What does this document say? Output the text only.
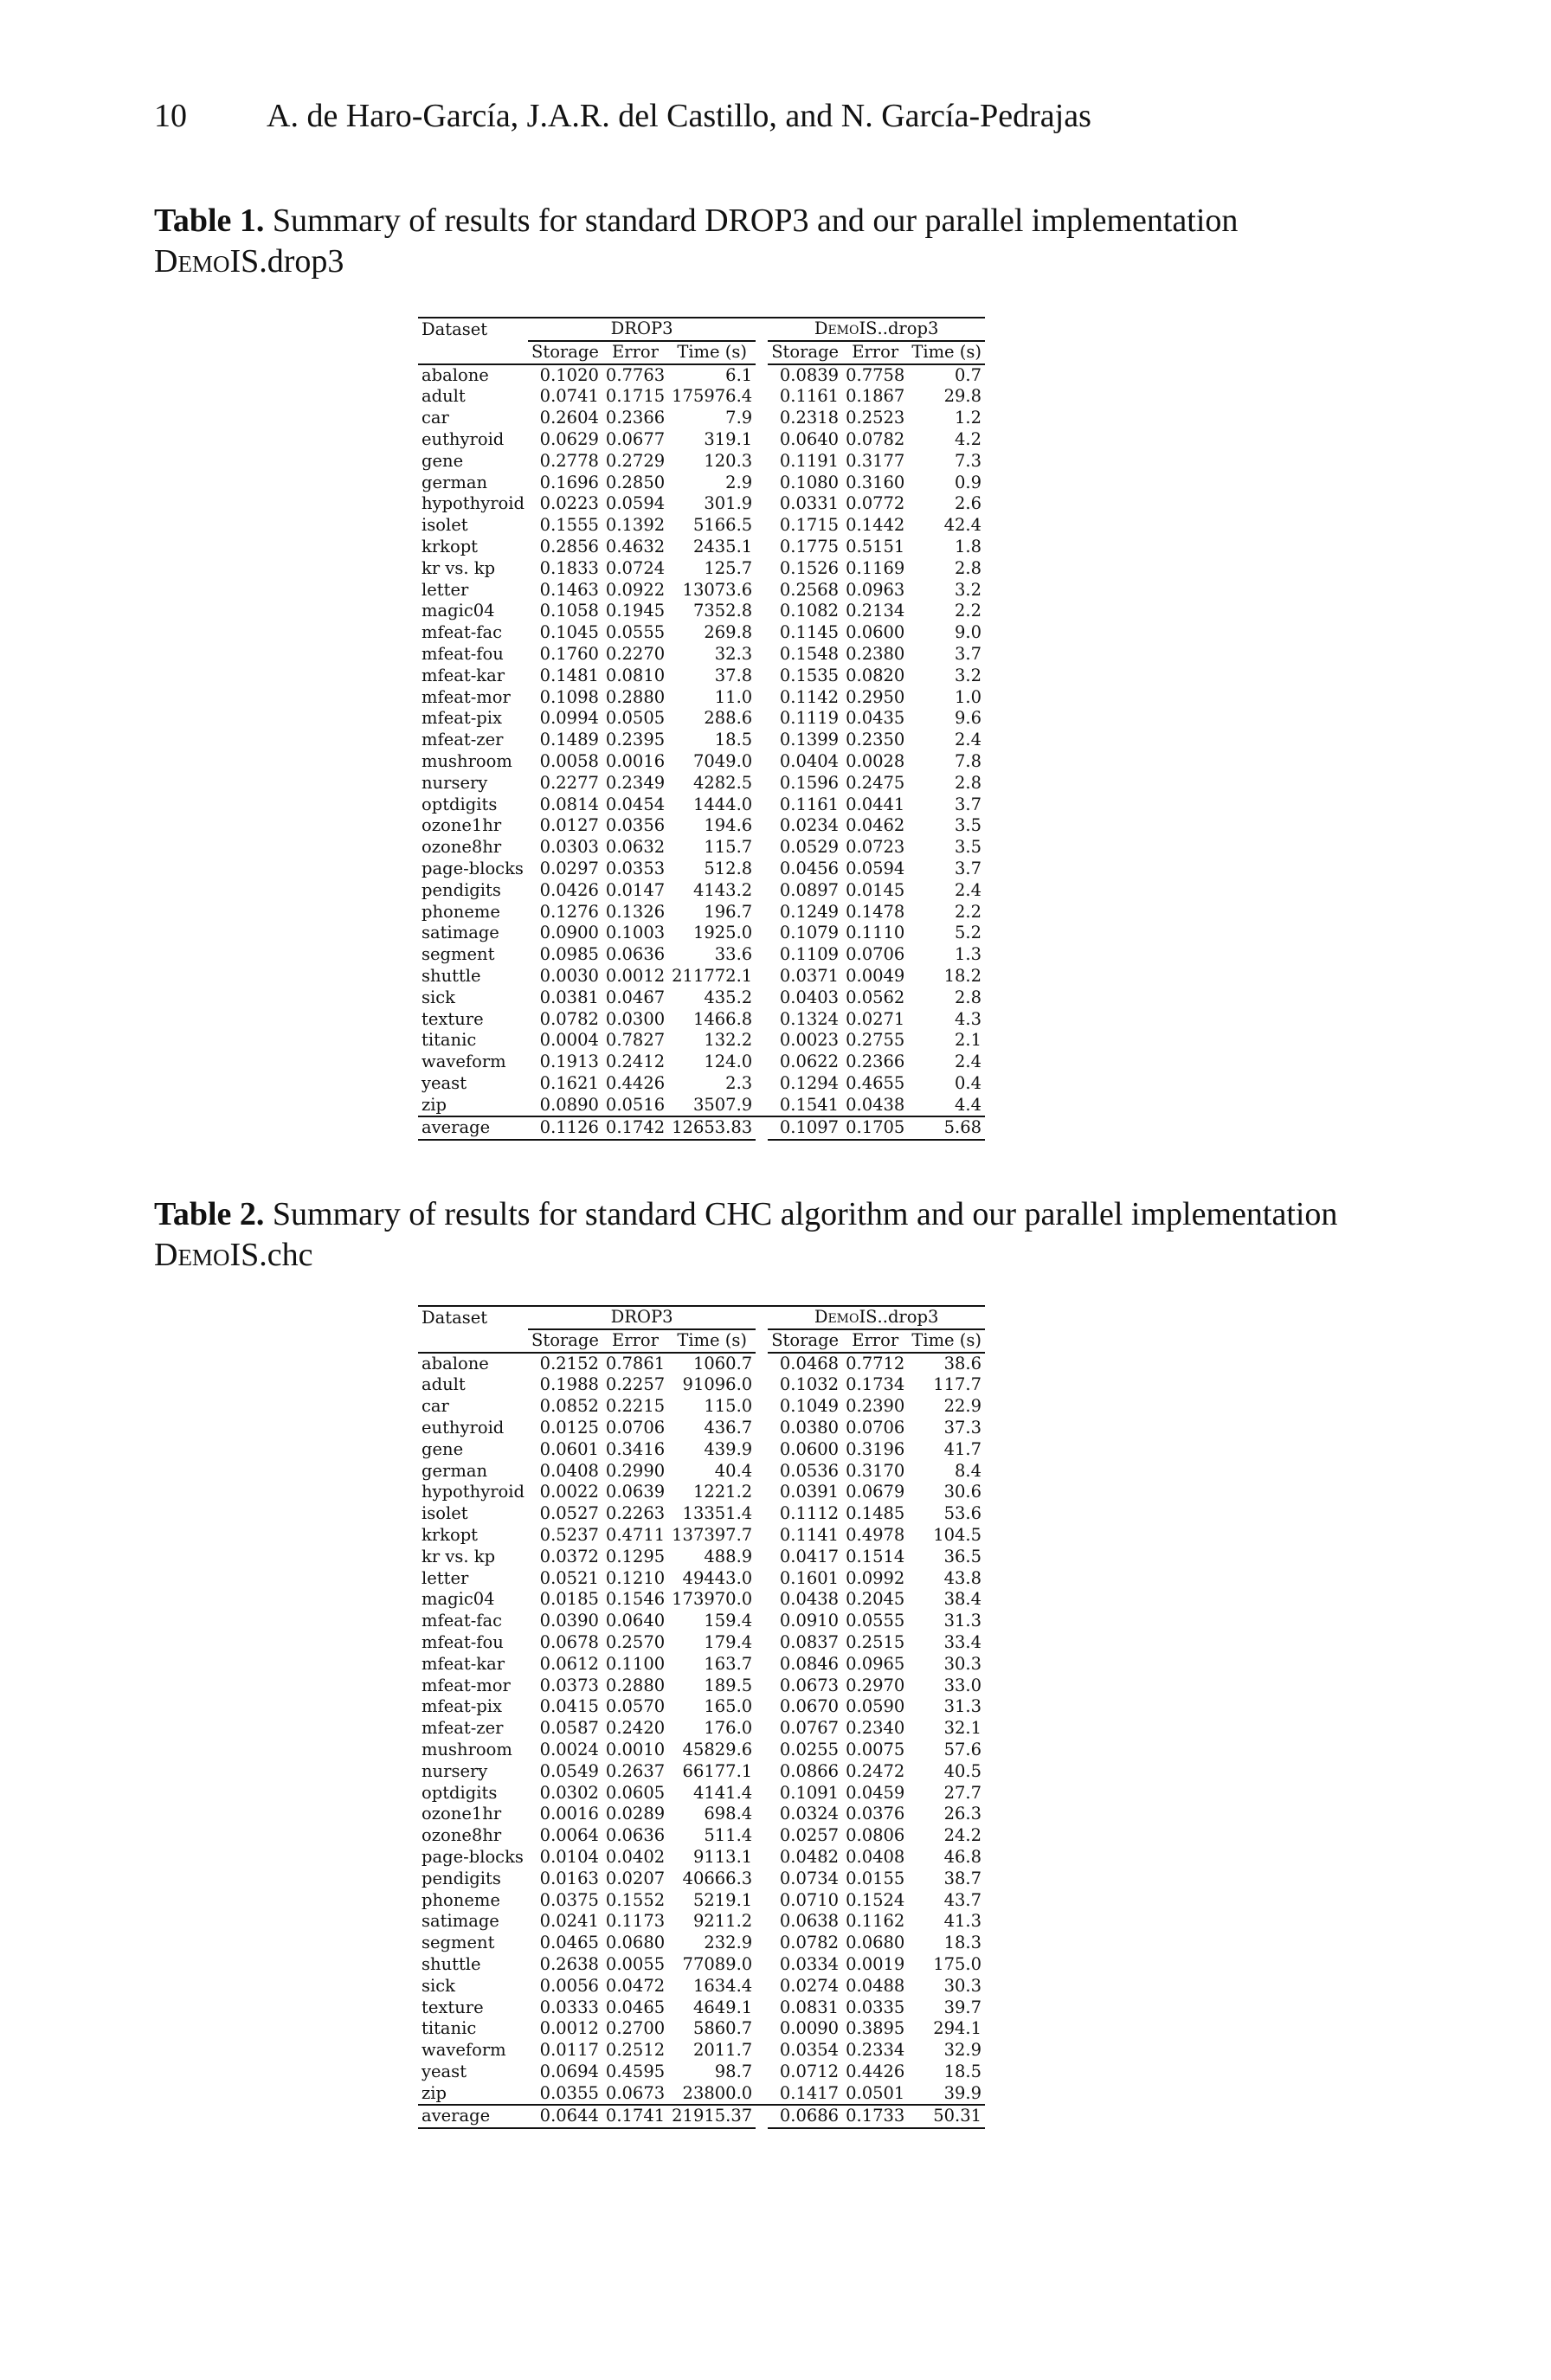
10 A. de Haro-García, J.A.R. del Castillo, and N. García-Pedrajas
Table 1. Summary of results for standard DROP3 and our parallel implementation DemoIS.drop3
Dataset	DROP3				DemoIS..drop3		
	Storage	Error	Time (s)		Storage	Error	Time (s)
abalone	0.1020	0.7763	6.1		0.0839	0.7758	0.7
adult	0.0741	0.1715	175976.4		0.1161	0.1867	29.8
car	0.2604	0.2366	7.9		0.2318	0.2523	1.2
euthyroid	0.0629	0.0677	319.1		0.0640	0.0782	4.2
gene	0.2778	0.2729	120.3		0.1191	0.3177	7.3
german	0.1696	0.2850	2.9		0.1080	0.3160	0.9
hypothyroid	0.0223	0.0594	301.9		0.0331	0.0772	2.6
isolet	0.1555	0.1392	5166.5		0.1715	0.1442	42.4
krkopt	0.2856	0.4632	2435.1		0.1775	0.5151	1.8
kr vs. kp	0.1833	0.0724	125.7		0.1526	0.1169	2.8
letter	0.1463	0.0922	13073.6		0.2568	0.0963	3.2
magic04	0.1058	0.1945	7352.8		0.1082	0.2134	2.2
mfeat-fac	0.1045	0.0555	269.8		0.1145	0.0600	9.0
mfeat-fou	0.1760	0.2270	32.3		0.1548	0.2380	3.7
mfeat-kar	0.1481	0.0810	37.8		0.1535	0.0820	3.2
mfeat-mor	0.1098	0.2880	11.0		0.1142	0.2950	1.0
mfeat-pix	0.0994	0.0505	288.6		0.1119	0.0435	9.6
mfeat-zer	0.1489	0.2395	18.5		0.1399	0.2350	2.4
mushroom	0.0058	0.0016	7049.0		0.0404	0.0028	7.8
nursery	0.2277	0.2349	4282.5		0.1596	0.2475	2.8
optdigits	0.0814	0.0454	1444.0		0.1161	0.0441	3.7
ozone1hr	0.0127	0.0356	194.6		0.0234	0.0462	3.5
ozone8hr	0.0303	0.0632	115.7		0.0529	0.0723	3.5
page-blocks	0.0297	0.0353	512.8		0.0456	0.0594	3.7
pendigits	0.0426	0.0147	4143.2		0.0897	0.0145	2.4
phoneme	0.1276	0.1326	196.7		0.1249	0.1478	2.2
satimage	0.0900	0.1003	1925.0		0.1079	0.1110	5.2
segment	0.0985	0.0636	33.6		0.1109	0.0706	1.3
shuttle	0.0030	0.0012	211772.1		0.0371	0.0049	18.2
sick	0.0381	0.0467	435.2		0.0403	0.0562	2.8
texture	0.0782	0.0300	1466.8		0.1324	0.0271	4.3
titanic	0.0004	0.7827	132.2		0.0023	0.2755	2.1
waveform	0.1913	0.2412	124.0		0.0622	0.2366	2.4
yeast	0.1621	0.4426	2.3		0.1294	0.4655	0.4
zip	0.0890	0.0516	3507.9		0.1541	0.0438	4.4
average	0.1126	0.1742	12653.83		0.1097	0.1705	5.68
Table 2. Summary of results for standard CHC algorithm and our parallel implementation DemoIS.chc
Dataset	DROP3				DemoIS..drop3		
	Storage	Error	Time (s)		Storage	Error	Time (s)
abalone	0.2152	0.7861	1060.7		0.0468	0.7712	38.6
adult	0.1988	0.2257	91096.0		0.1032	0.1734	117.7
car	0.0852	0.2215	115.0		0.1049	0.2390	22.9
euthyroid	0.0125	0.0706	436.7		0.0380	0.0706	37.3
gene	0.0601	0.3416	439.9		0.0600	0.3196	41.7
german	0.0408	0.2990	40.4		0.0536	0.3170	8.4
hypothyroid	0.0022	0.0639	1221.2		0.0391	0.0679	30.6
isolet	0.0527	0.2263	13351.4		0.1112	0.1485	53.6
krkopt	0.5237	0.4711	137397.7		0.1141	0.4978	104.5
kr vs. kp	0.0372	0.1295	488.9		0.0417	0.1514	36.5
letter	0.0521	0.1210	49443.0		0.1601	0.0992	43.8
magic04	0.0185	0.1546	173970.0		0.0438	0.2045	38.4
mfeat-fac	0.0390	0.0640	159.4		0.0910	0.0555	31.3
mfeat-fou	0.0678	0.2570	179.4		0.0837	0.2515	33.4
mfeat-kar	0.0612	0.1100	163.7		0.0846	0.0965	30.3
mfeat-mor	0.0373	0.2880	189.5		0.0673	0.2970	33.0
mfeat-pix	0.0415	0.0570	165.0		0.0670	0.0590	31.3
mfeat-zer	0.0587	0.2420	176.0		0.0767	0.2340	32.1
mushroom	0.0024	0.0010	45829.6		0.0255	0.0075	57.6
nursery	0.0549	0.2637	66177.1		0.0866	0.2472	40.5
optdigits	0.0302	0.0605	4141.4		0.1091	0.0459	27.7
ozone1hr	0.0016	0.0289	698.4		0.0324	0.0376	26.3
ozone8hr	0.0064	0.0636	511.4		0.0257	0.0806	24.2
page-blocks	0.0104	0.0402	9113.1		0.0482	0.0408	46.8
pendigits	0.0163	0.0207	40666.3		0.0734	0.0155	38.7
phoneme	0.0375	0.1552	5219.1		0.0710	0.1524	43.7
satimage	0.0241	0.1173	9211.2		0.0638	0.1162	41.3
segment	0.0465	0.0680	232.9		0.0782	0.0680	18.3
shuttle	0.2638	0.0055	77089.0		0.0334	0.0019	175.0
sick	0.0056	0.0472	1634.4		0.0274	0.0488	30.3
texture	0.0333	0.0465	4649.1		0.0831	0.0335	39.7
titanic	0.0012	0.2700	5860.7		0.0090	0.3895	294.1
waveform	0.0117	0.2512	2011.7		0.0354	0.2334	32.9
yeast	0.0694	0.4595	98.7		0.0712	0.4426	18.5
zip	0.0355	0.0673	23800.0		0.1417	0.0501	39.9
average	0.0644	0.1741	21915.37		0.0686	0.1733	50.31
